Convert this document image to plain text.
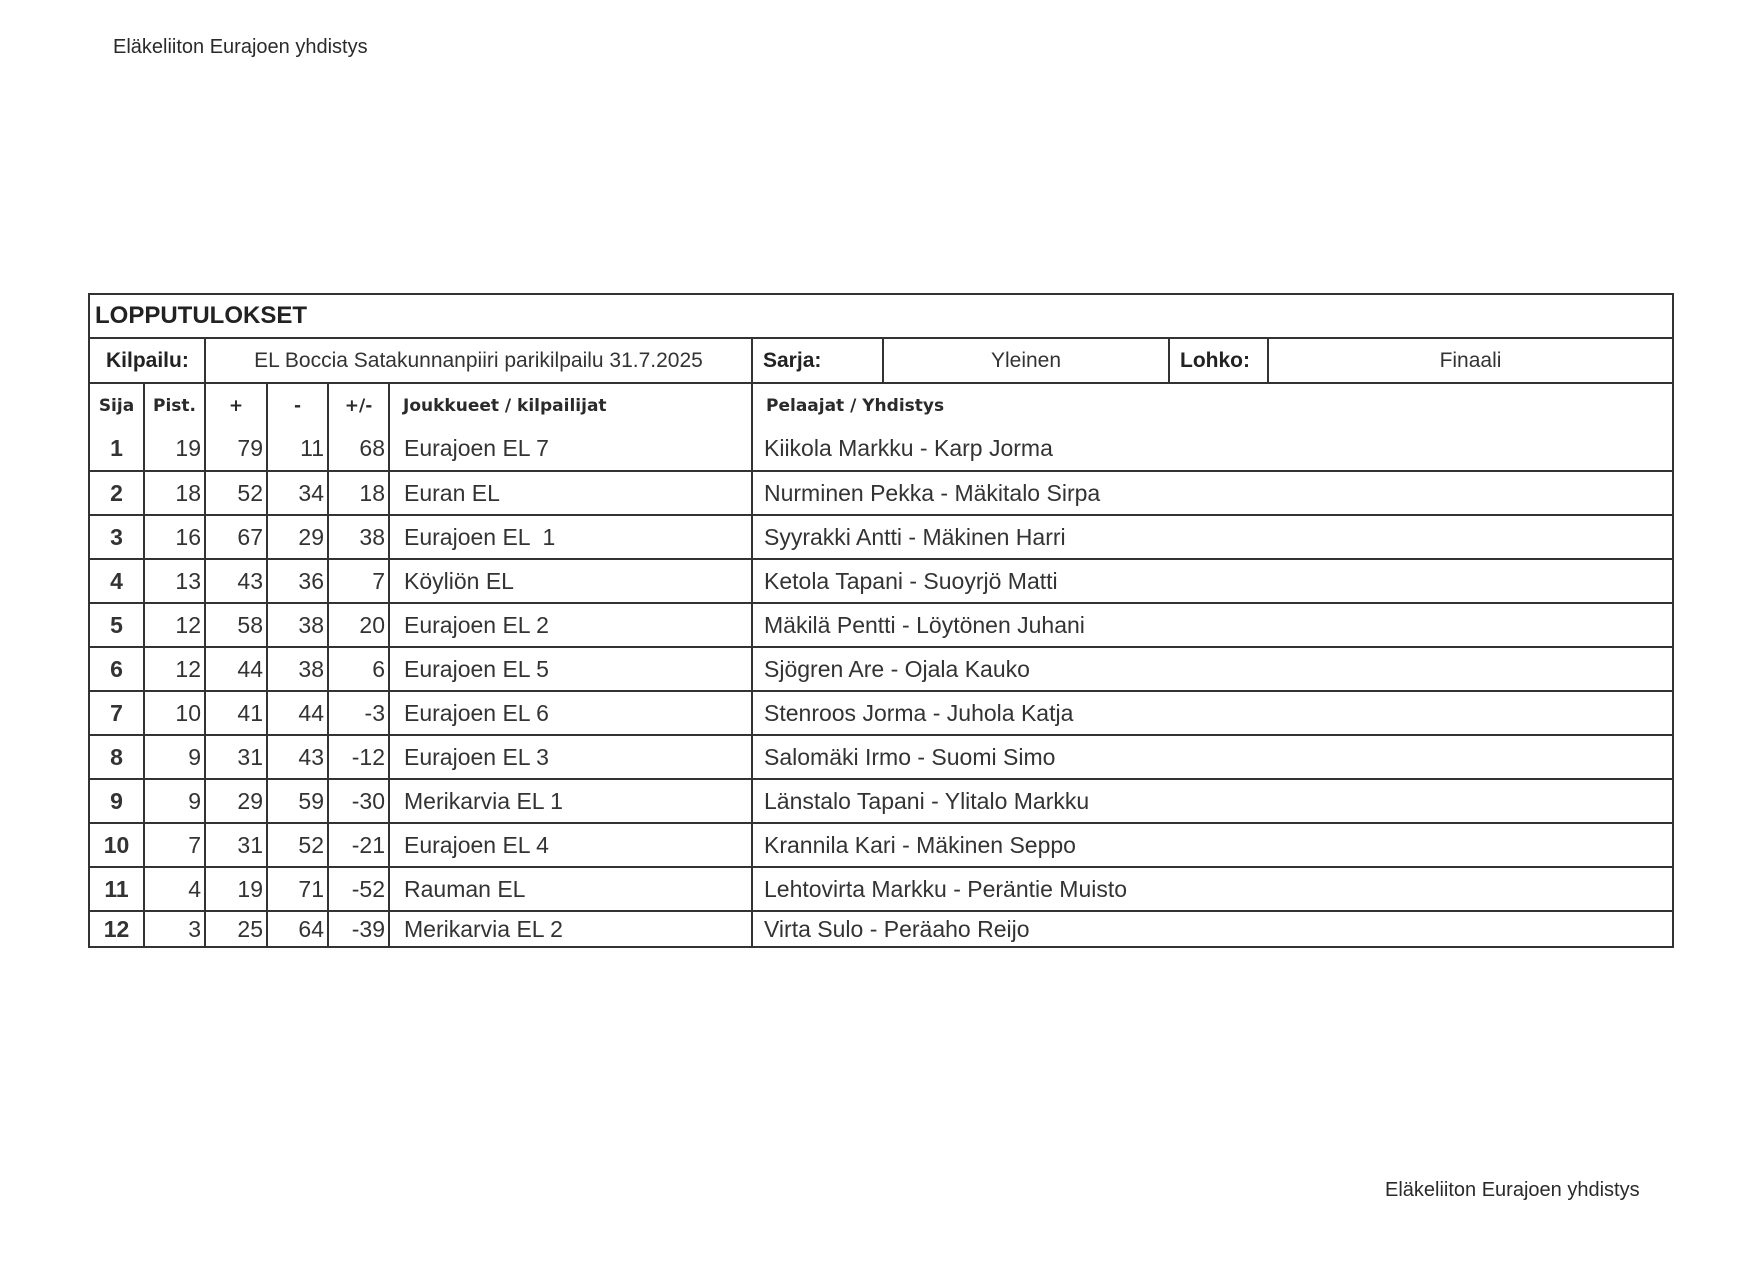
Eläkeliiton Eurajoen yhdistys
LOPPUTULOKSET
Kilpailu:		EL Boccia Satakunnanpiiri parikilpailu 31.7.2025				Sarja:	Yleinen	Lohko:	Finaali
Sija	Pist.	+	-	+/-	Joukkueet / kilpailijat	Pelaajat / Yhdistys			
1	19	79	11	68	Eurajoen EL 7	Kiikola Markku - Karp Jorma			
2	18	52	34	18	Euran EL	Nurminen Pekka - Mäkitalo Sirpa			
3	16	67	29	38	Eurajoen EL  1	Syyrakki Antti - Mäkinen Harri			
4	13	43	36	7	Köyliön EL	Ketola Tapani - Suoyrjö Matti			
5	12	58	38	20	Eurajoen EL 2	Mäkilä Pentti - Löytönen Juhani			
6	12	44	38	6	Eurajoen EL 5	Sjögren Are - Ojala Kauko			
7	10	41	44	-3	Eurajoen EL 6	Stenroos Jorma - Juhola Katja			
8	9	31	43	-12	Eurajoen EL 3	Salomäki Irmo - Suomi Simo			
9	9	29	59	-30	Merikarvia EL 1	Länstalo Tapani - Ylitalo Markku			
10	7	31	52	-21	Eurajoen EL 4	Krannila Kari - Mäkinen Seppo			
11	4	19	71	-52	Rauman EL	Lehtovirta Markku - Peräntie Muisto			
12	3	25	64	-39	Merikarvia EL 2	Virta Sulo - Peräaho Reijo			
Eläkeliiton Eurajoen yhdistys
